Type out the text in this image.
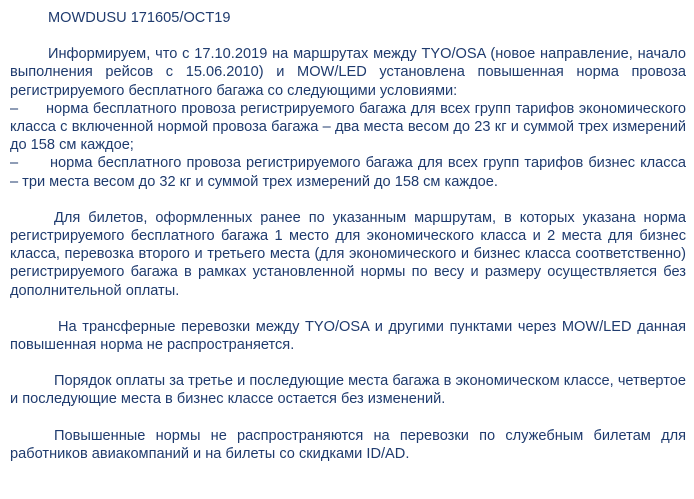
MOWDUSU 171605/OCT19

Информируем, что с 17.10.2019 на маршрутах между TYO/OSA (новое направление, начало выполнения рейсов с 15.06.2010) и MOW/LED установлена повышенная норма провоза регистрируемого бесплатного багажа со следующими условиями:

– норма бесплатного провоза регистрируемого багажа для всех групп тарифов экономического класса с включенной нормой провоза багажа – два места весом до 23 кг и суммой трех измерений до 158 см каждое;

– норма бесплатного провоза регистрируемого багажа для всех групп тарифов бизнес класса – три места весом до 32 кг и суммой трех измерений до 158 см каждое.

Для билетов, оформленных ранее по указанным маршрутам, в которых указана норма регистрируемого бесплатного багажа 1 место для экономического класса и 2 места для бизнес класса, перевозка второго и третьего места (для экономического и бизнес класса соответственно) регистрируемого багажа в рамках установленной нормы по весу и размеру осуществляется без дополнительной оплаты.

На трансферные перевозки между TYO/OSA и другими пунктами через MOW/LED данная повышенная норма не распространяется.

Порядок оплаты за третье и последующие места багажа в экономическом классе, четвертое и последующие места в бизнес классе остается без изменений.

Повышенные нормы не распространяются на перевозки по служебным билетам для работников авиакомпаний и на билеты со скидками ID/AD.
